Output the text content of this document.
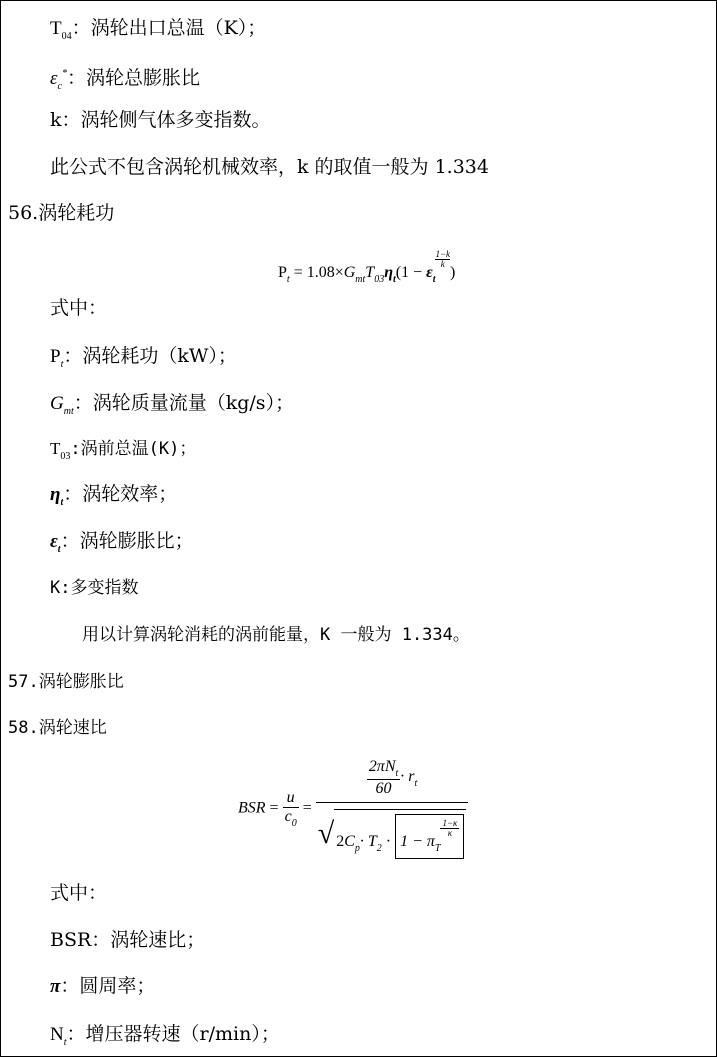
$T_{04}$：涡轮出口总温（K）；
$\varepsilon_c^*$：涡轮总膨胀比
k：涡轮侧气体多变指数。
此公式不包含涡轮机械效率，k 的取值一般为 1.334
56.涡轮耗功
$P_t = 1.08\times G_{mt}T_{03}\eta_t(1 - \varepsilon_t$
$\frac{1-k}{k}$
)
式中：
$P_t$：涡轮耗功（kW）；
$G_{mt}$：涡轮质量流量（kg/s）；
$T_{03}$:涡前总温(K)；
$\eta_t$：涡轮效率；
$\varepsilon_t$：涡轮膨胀比；
K:多变指数
用以计算涡轮消耗的涡前能量，K 一般为 1.334。
57.涡轮膨胀比
58.涡轮速比
BSR = $\frac{u}{c_0} = \frac{2\pi N_t}{60} \cdot r_t$
√ $2C_p\cdot T_2 \cdot 1 - \pi_T$
$\frac{1-\kappa}{\kappa}$
式中：
BSR：涡轮速比；
π：圆周率；
$N_t$：增压器转速（r/min）；
